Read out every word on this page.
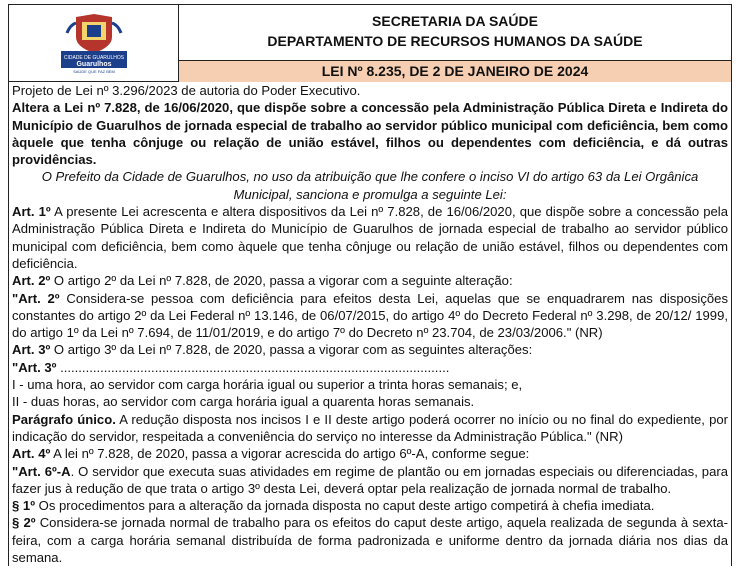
CIDADE DE GUARULHOS
Guarulhos
SAÚDE QUE FAZ BEM
SECRETARIA DA SAÚDE
DEPARTAMENTO DE RECURSOS HUMANOS DA SAÚDE
LEI Nº 8.235, DE 2 DE JANEIRO DE 2024

Projeto de Lei nº 3.296/2023 de autoria do Poder Executivo.

Altera a Lei nº 7.828, de 16/06/2020, que dispõe sobre a concessão pela Administração Pública Direta e Indireta do Município de Guarulhos de jornada especial de trabalho ao servidor público municipal com deficiência, bem como àquele que tenha cônjuge ou relação de união estável, filhos ou dependentes com deficiência, e dá outras providências.

O Prefeito da Cidade de Guarulhos, no uso da atribuição que lhe confere o inciso VI do artigo 63 da Lei Orgânica

Municipal, sanciona e promulga a seguinte Lei:

Art. 1º A presente Lei acrescenta e altera dispositivos da Lei nº 7.828, de 16/06/2020, que dispõe sobre a concessão pela Administração Pública Direta e Indireta do Município de Guarulhos de jornada especial de trabalho ao servidor público municipal com deficiência, bem como àquele que tenha cônjuge ou relação de união estável, filhos ou dependentes com deficiência.

Art. 2º O artigo 2º da Lei nº 7.828, de 2020, passa a vigorar com a seguinte alteração:

"Art. 2º Considera-se pessoa com deficiência para efeitos desta Lei, aquelas que se enquadrarem nas disposições constantes do artigo 2º da Lei Federal nº 13.146, de 06/07/2015, do artigo 4º do Decreto Federal nº 3.298, de 20/12/ 1999, do artigo 1º da Lei nº 7.694, de 11/01/2019, e do artigo 7º do Decreto nº 23.704, de 23/03/2006." (NR)

Art. 3º O artigo 3º da Lei nº 7.828, de 2020, passa a vigorar com as seguintes alterações:

"Art. 3º ...........................................................................................................

I - uma hora, ao servidor com carga horária igual ou superior a trinta horas semanais; e,

II - duas horas, ao servidor com carga horária igual a quarenta horas semanais.

Parágrafo único. A redução disposta nos incisos I e II deste artigo poderá ocorrer no início ou no final do expediente, por indicação do servidor, respeitada a conveniência do serviço no interesse da Administração Pública." (NR)

Art. 4º A lei nº 7.828, de 2020, passa a vigorar acrescida do artigo 6º-A, conforme segue:

"Art. 6º-A. O servidor que executa suas atividades em regime de plantão ou em jornadas especiais ou diferenciadas, para fazer jus à redução de que trata o artigo 3º desta Lei, deverá optar pela realização de jornada normal de trabalho.

§ 1º Os procedimentos para a alteração da jornada disposta no caput deste artigo competirá à chefia imediata.

§ 2º Considera-se jornada normal de trabalho para os efeitos do caput deste artigo, aquela realizada de segunda à sexta-feira, com a carga horária semanal distribuída de forma padronizada e uniforme dentro da jornada diária nos dias da semana.
